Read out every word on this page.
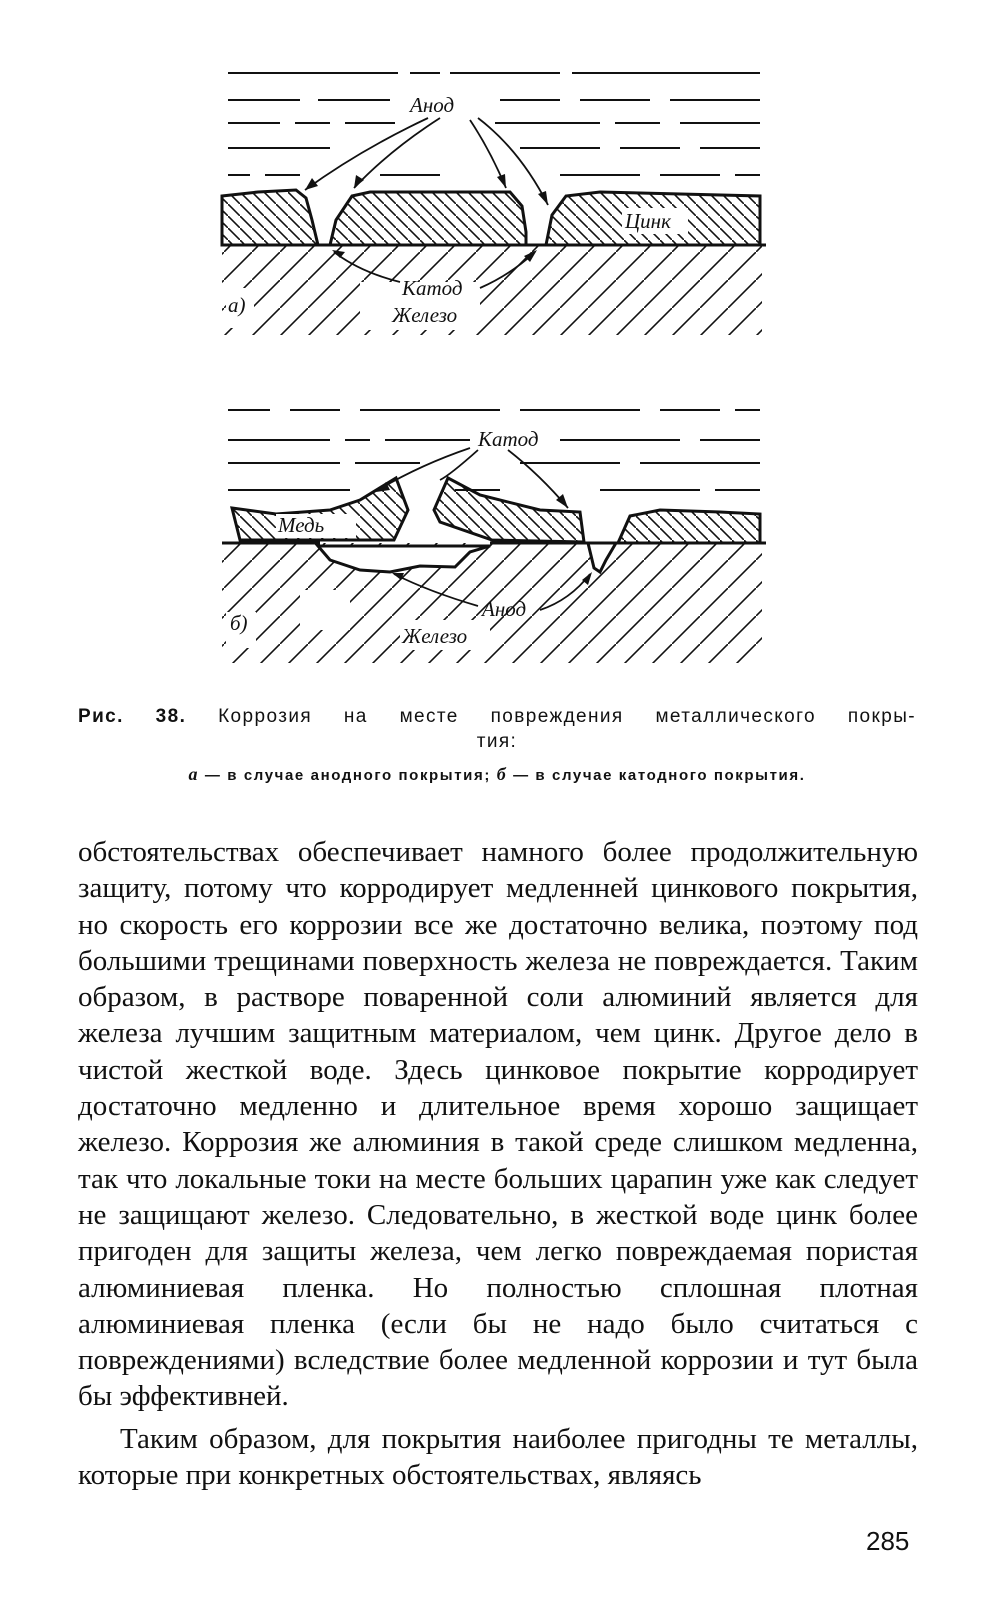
Анод
Цинк
Катод
Железо
а)
Катод
Медь
Анод
Железо
б)
Рис. 38. Коррозия на месте повреждения металлического покры-
тия:
а — в случае анодного покрытия; б — в случае катодного покрытия.

обстоятельствах обеспечивает намного более продолжительную защиту, потому что корродирует медленней цинкового покрытия, но скорость его коррозии все же достаточно велика, поэтому под большими трещинами поверхность железа не повреждается. Таким образом, в растворе поваренной соли алюминий является для железа лучшим защитным материалом, чем цинк. Другое дело в чистой жесткой воде. Здесь цинковое покрытие корродирует достаточно медленно и длительное время хорошо защищает железо. Коррозия же алюминия в такой среде слишком медленна, так что локальные токи на месте больших царапин уже как следует не защищают железо. Следовательно, в жесткой воде цинк более пригоден для защиты железа, чем легко повреждаемая пористая алюминиевая пленка. Но полностью сплошная плотная алюминиевая пленка (если бы не надо было считаться с повреждениями) вследствие более медленной коррозии и тут была бы эффективней.

Таким образом, для покрытия наиболее пригодны те металлы, которые при конкретных обстоятельствах, являясь

285
